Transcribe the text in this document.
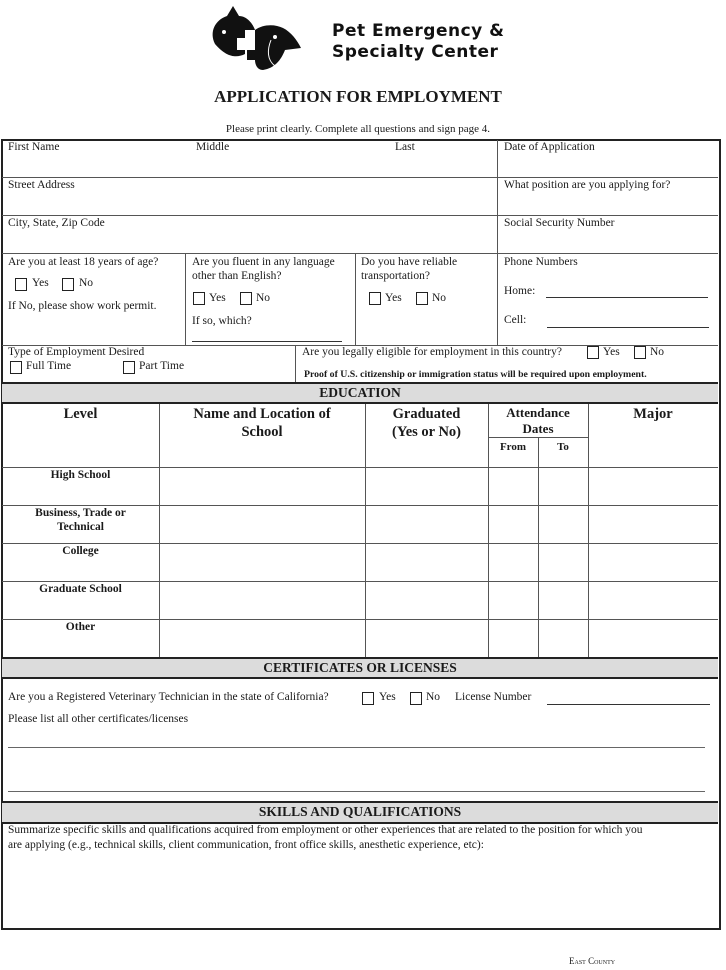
Pet Emergency &
Specialty Center
APPLICATION FOR EMPLOYMENT
Please print clearly. Complete all questions and sign page 4.
First Name	Middle	Last	Date of Application
Street Address	What position are you applying for?
City, State, Zip Code	Social Security Number
Are you at least 18 years of age?
Yes	No
If No, please show work permit.
Are you fluent in any language
other than English?
Yes	No
If so, which?
Do you have reliable
transportation?
Yes	No
Phone Numbers
Home:
Cell:
Type of Employment Desired
Full Time	Part Time
Are you legally eligible for employment in this country?	Yes	No
Proof of U.S. citizenship or immigration status will be required upon employment.
EDUCATION
Level	Name and Location of
School
Graduated
(Yes or No)
Attendance
Dates
From	To
Major
High School
Business, Trade or
Technical
College
Graduate School
Other
CERTIFICATES OR LICENSES
Are you a Registered Veterinary Technician in the state of California?	Yes	No License Number
Please list all other certificates/licenses
SKILLS AND QUALIFICATIONS
Summarize specific skills and qualifications acquired from employment or other experiences that are related to the position for which you
are applying (e.g., technical skills, client communication, front office skills, anesthetic experience, etc):
East County
